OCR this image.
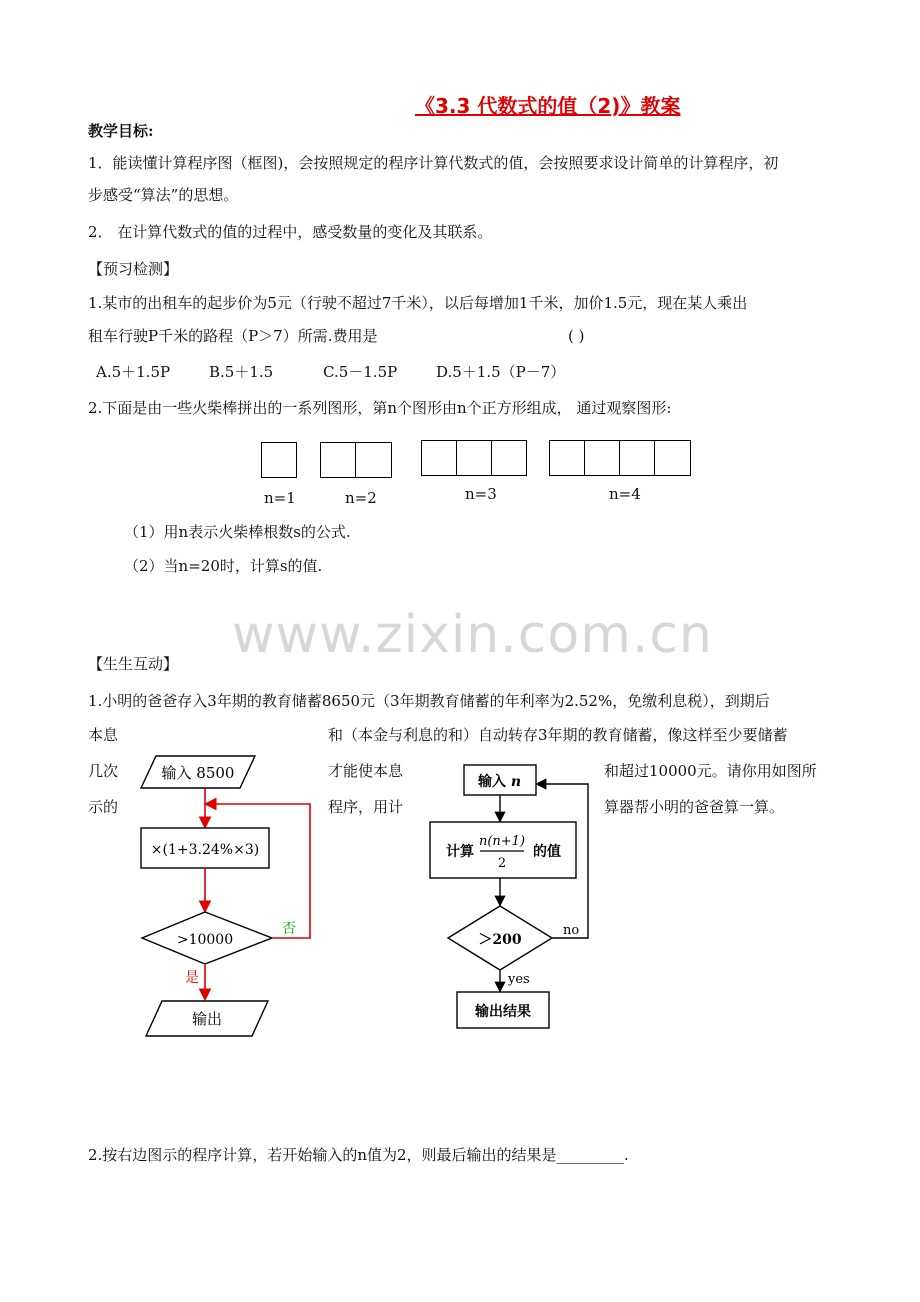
《3.3 代数式的值（2)》教案
教学目标:
1．能读懂计算程序图（框图)，会按照规定的程序计算代数式的值，会按照要求设计简单的计算程序，初
步感受“算法”的思想。
2． 在计算代数式的值的过程中，感受数量的变化及其联系。
【预习检测】
1.某市的出租车的起步价为5元（行驶不超过7千米），以后每增加1千米，加价1.5元，现在某人乘出
租车行驶P千米的路程（P＞7）所需.费用是	( )
A.5＋1.5P	B.5＋1.5	C.5－1.5P	D.5＋1.5（P－7）
2.下面是由一些火柴棒拼出的一系列图形，第n个图形由n个正方形组成， 通过观察图形:
n=1	n=2	n=3	n=4
（1）用n表示火柴棒根数s的公式.
（2）当n=20时，计算s的值.
www.zixin.com.cn
【生生互动】
1.小明的爸爸存入3年期的教育储蓄8650元（3年期教育储蓄的年利率为2.52%，免缴利息税），到期后
本息	和（本金与利息的和）自动转存3年期的教育储蓄，像这样至少要储蓄
几次	才能使本息	和超过10000元。请你用如图所
示的	程序，用计	算器帮小明的爸爸算一算。
输入 8500
×(1+3.24%×3)
>10000
否
是
输出
输入 n
计算
n(n+1)
2
的值
＞200
no
yes
输出结果
2.按右边图示的程序计算，若开始输入的n值为2，则最后输出的结果是_________.
